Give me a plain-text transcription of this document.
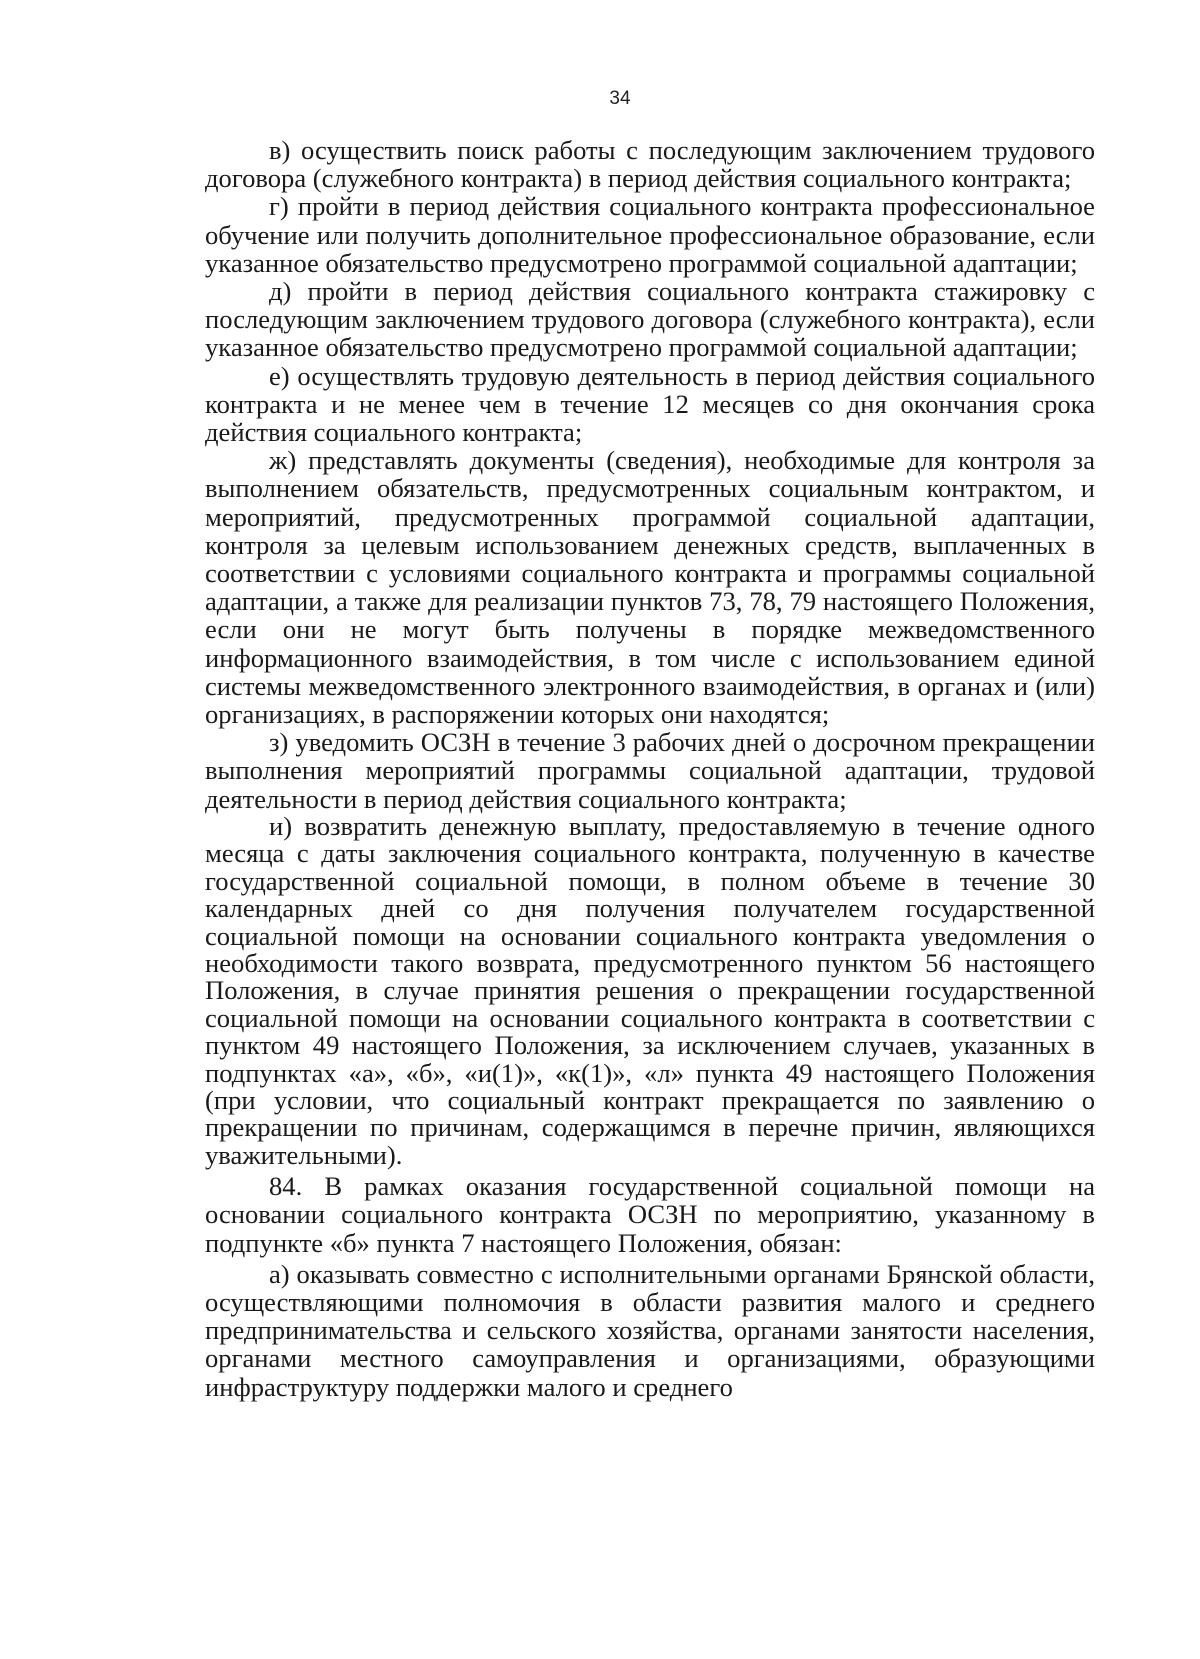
34

в) осуществить поиск работы с последующим заключением трудового договора (служебного контракта) в период действия социального контракта;

г) пройти в период действия социального контракта профессиональное обучение или получить дополнительное профессиональное образование, если указанное обязательство предусмотрено программой социальной адаптации;

д) пройти в период действия социального контракта стажировку с последующим заключением трудового договора (служебного контракта), если указанное обязательство предусмотрено программой социальной адаптации;

е) осуществлять трудовую деятельность в период действия социального контракта и не менее чем в течение 12 месяцев со дня окончания срока действия социального контракта;

ж) представлять документы (сведения), необходимые для контроля за выполнением обязательств, предусмотренных социальным контрактом, и мероприятий, предусмотренных программой социальной адаптации, контроля за целевым использованием денежных средств, выплаченных в соответствии с условиями социального контракта и программы социальной адаптации, а также для реализации пунктов 73, 78, 79 настоящего Положения, если они не могут быть получены в порядке межведомственного информационного взаимодействия, в том числе с использованием единой системы межведомственного электронного взаимодействия, в органах и (или) организациях, в распоряжении которых они находятся;

з) уведомить ОСЗН в течение 3 рабочих дней о досрочном прекращении выполнения мероприятий программы социальной адаптации, трудовой деятельности в период действия социального контракта;

и) возвратить денежную выплату, предоставляемую в течение одного месяца с даты заключения социального контракта, полученную в качестве государственной социальной помощи, в полном объеме в течение 30 календарных дней со дня получения получателем государственной социальной помощи на основании социального контракта уведомления о необходимости такого возврата, предусмотренного пунктом 56 настоящего Положения, в случае принятия решения о прекращении государственной социальной помощи на основании социального контракта в соответствии с пунктом 49 настоящего Положения, за исключением случаев, указанных в подпунктах «а», «б», «и(1)», «к(1)», «л» пункта 49 настоящего Положения (при условии, что социальный контракт прекращается по заявлению о прекращении по причинам, содержащимся в перечне причин, являющихся уважительными).

84. В рамках оказания государственной социальной помощи на основании социального контракта ОСЗН по мероприятию, указанному в подпункте «б» пункта 7 настоящего Положения, обязан:

а) оказывать совместно с исполнительными органами Брянской области, осуществляющими полномочия в области развития малого и среднего предпринимательства и сельского хозяйства, органами занятости населения, органами местного самоуправления и организациями, образующими инфраструктуру поддержки малого и среднего
